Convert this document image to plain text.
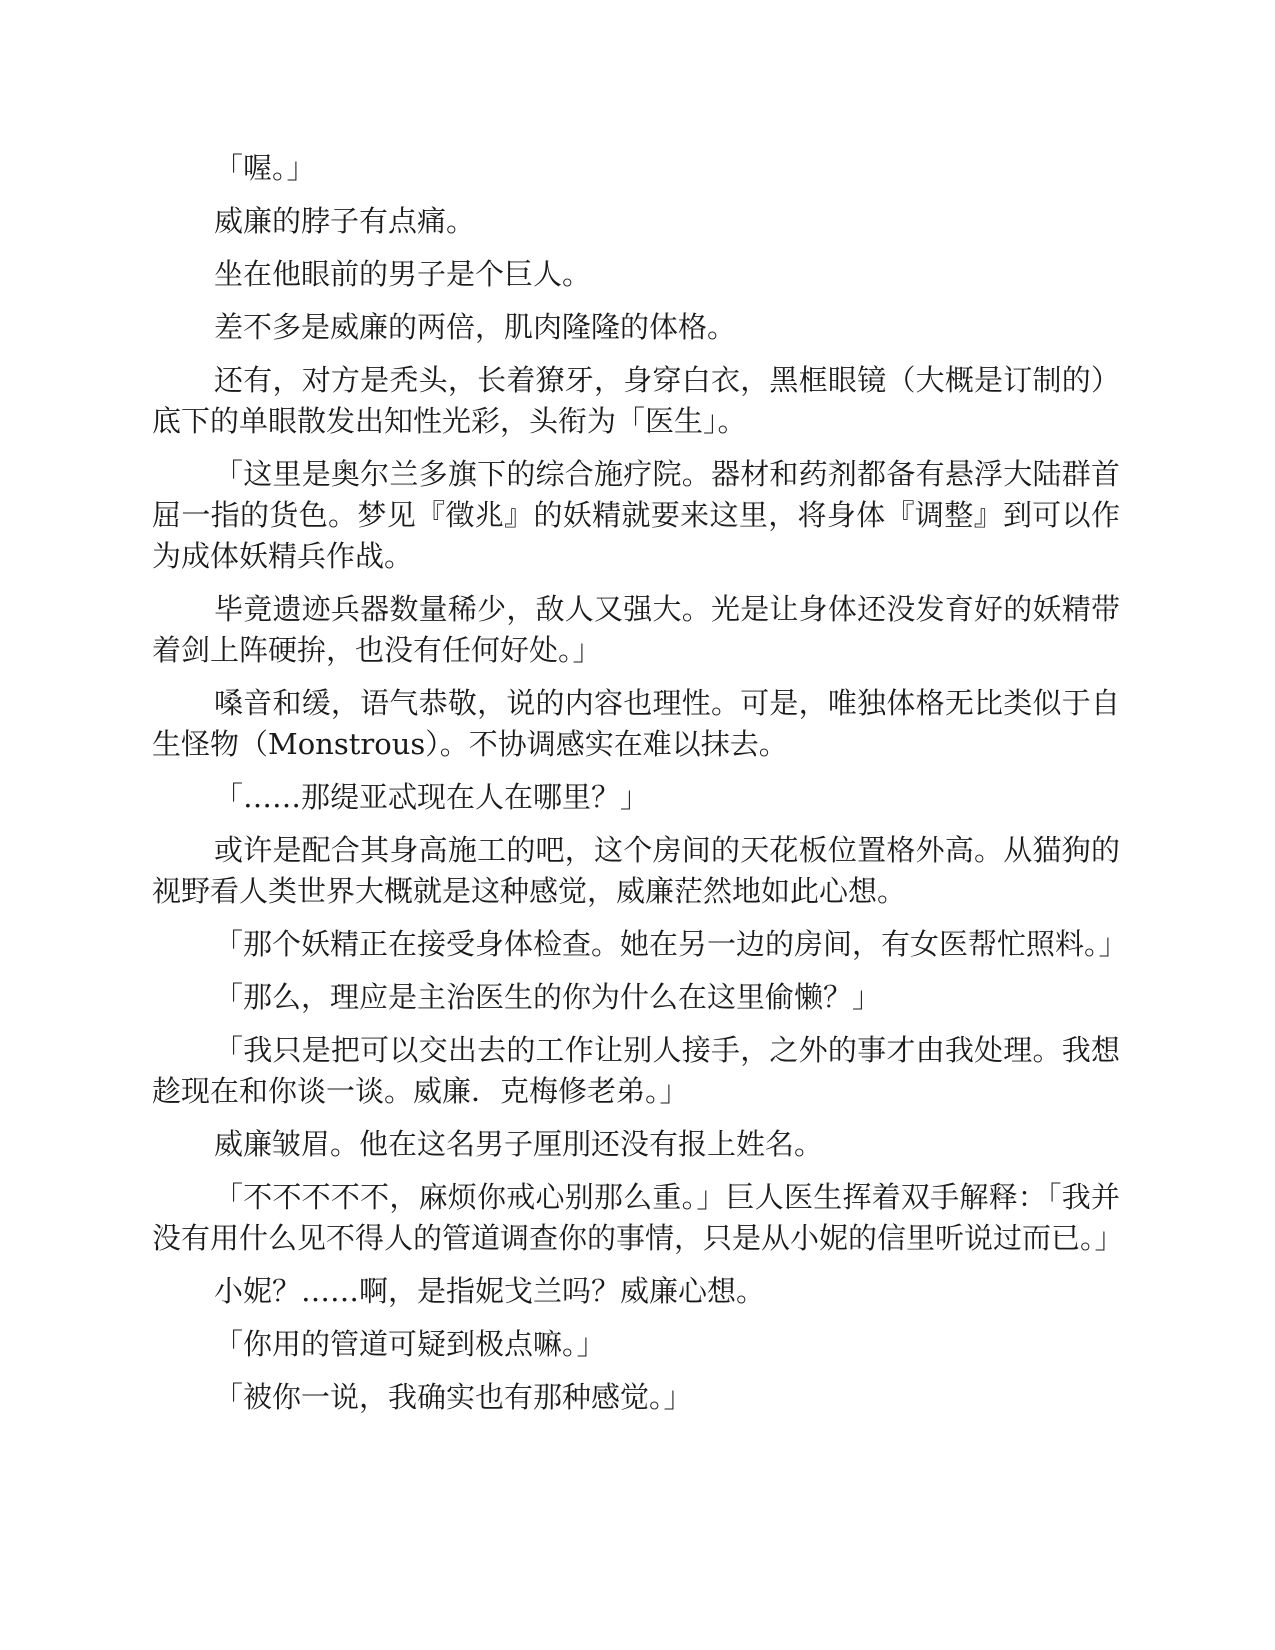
「喔。」

威廉的脖子有点痛。

坐在他眼前的男子是个巨人。

差不多是威廉的两倍，肌肉隆隆的体格。

还有，对方是秃头，长着獠牙，身穿白衣，黑框眼镜（大概是订制的）底下的单眼散发出知性光彩，头衔为「医生」。

「这里是奥尔兰多旗下的综合施疗院。器材和药剂都备有悬浮大陆群首屈一指的货色。梦见『徵兆』的妖精就要来这里，将身体『调整』到可以作为成体妖精兵作战。

毕竟遗迹兵器数量稀少，敌人又强大。光是让身体还没发育好的妖精带着剑上阵硬拚，也没有任何好处。」

嗓音和缓，语气恭敬，说的内容也理性。可是，唯独体格无比类似于自生怪物（Monstrous）。不协调感实在难以抹去。

「……那缇亚忒现在人在哪里？」

或许是配合其身高施工的吧，这个房间的天花板位置格外高。从猫狗的视野看人类世界大概就是这种感觉，威廉茫然地如此心想。

「那个妖精正在接受身体检查。她在另一边的房间，有女医帮忙照料。」

「那么，理应是主治医生的你为什么在这里偷懒？」

「我只是把可以交出去的工作让别人接手，之外的事才由我处理。我想趁现在和你谈一谈。威廉．克梅修老弟。」

威廉皱眉。他在这名男子厘刖还没有报上姓名。

「不不不不不，麻烦你戒心别那么重。」巨人医生挥着双手解释：「我并没有用什么见不得人的管道调查你的事情，只是从小妮的信里听说过而已。」

小妮？……啊，是指妮戈兰吗？威廉心想。

「你用的管道可疑到极点嘛。」

「被你一说，我确实也有那种感觉。」
